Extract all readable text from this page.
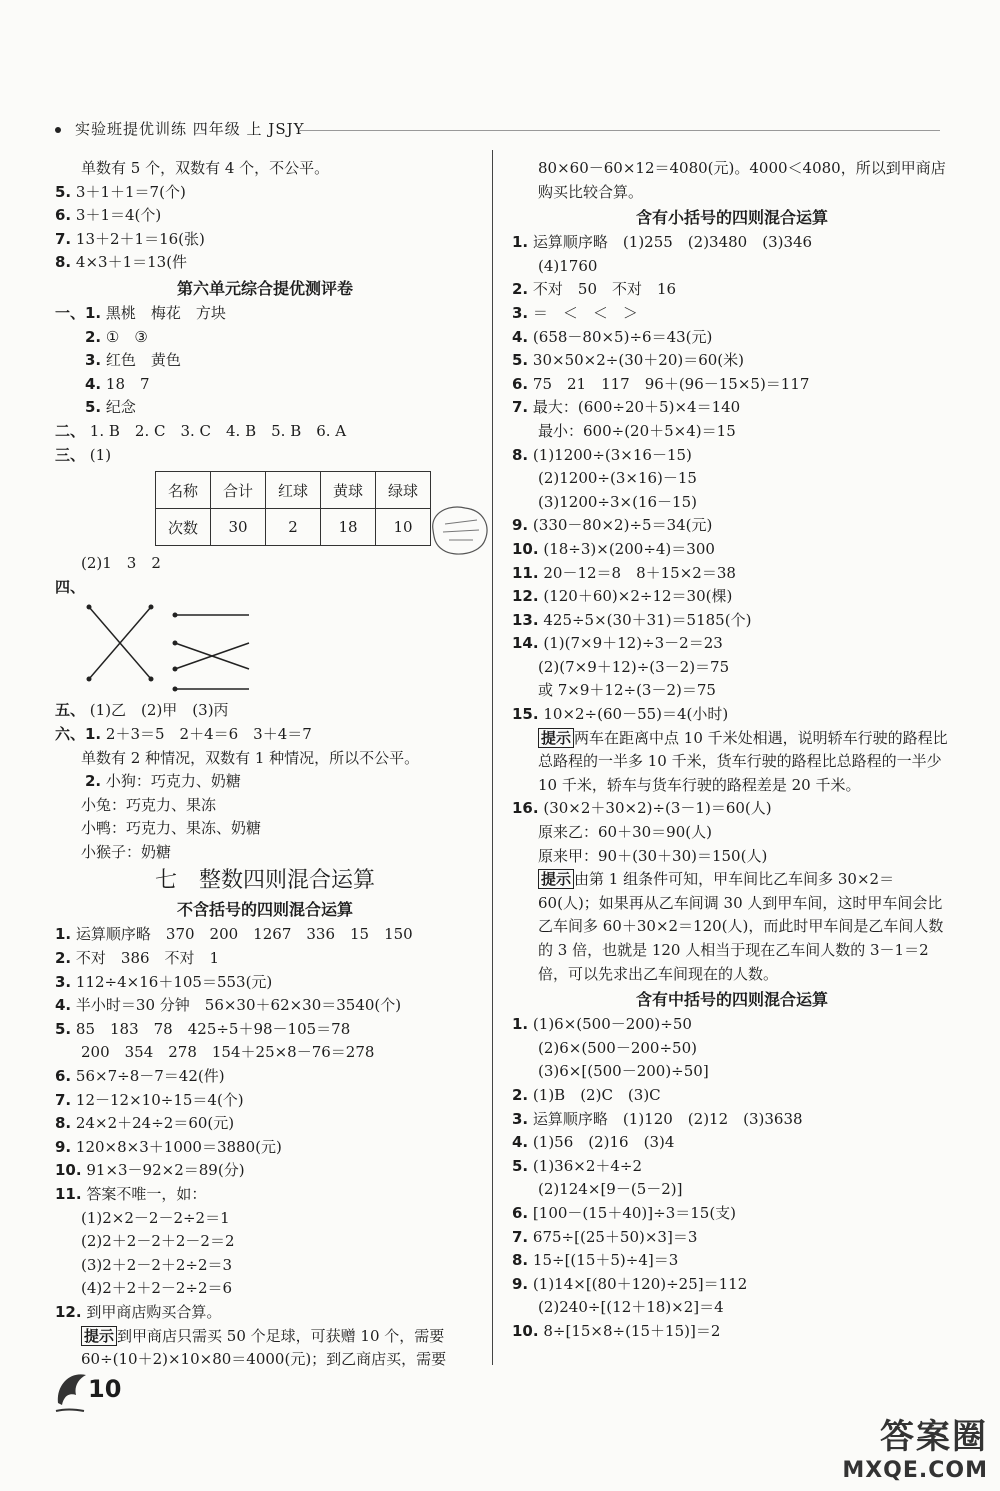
实验班提优训练 四年级 上 JSJY
单数有 5 个，双数有 4 个，不公平。
5. 3＋1＋1＝7(个)
6. 3＋1＝4(个)
7. 13＋2＋1＝16(张)
8. 4×3＋1＝13(件
第六单元综合提优测评卷
一、1. 黑桃　梅花　方块
2. ①　③
3. 红色　黄色
4. 18　7
5. 纪念
二、 1. B　2. C　3. C　4. B　5. B　6. A
三、 (1)
名称	合计	红球	黄球	绿球
次数	30	2	18	10
(2)1　3　2
四、
五、 (1)乙　(2)甲　(3)丙
六、1. 2＋3＝5　2＋4＝6　3＋4＝7
单数有 2 种情况，双数有 1 种情况，所以不公平。
2. 小狗：巧克力、奶糖
小兔：巧克力、果冻
小鸭：巧克力、果冻、奶糖
小猴子：奶糖
七　整数四则混合运算
不含括号的四则混合运算
1. 运算顺序略　370　200　1267　336　15　150
2. 不对　386　不对　1
3. 112÷4×16＋105＝553(元)
4. 半小时＝30 分钟　56×30＋62×30＝3540(个)
5. 85　183　78　425÷5＋98－105＝78
200　354　278　154＋25×8－76＝278
6. 56×7÷8－7＝42(件)
7. 12－12×10÷15＝4(个)
8. 24×2＋24÷2＝60(元)
9. 120×8×3＋1000＝3880(元)
10. 91×3－92×2＝89(分)
11. 答案不唯一，如：
(1)2×2－2－2÷2＝1
(2)2＋2－2＋2－2＝2
(3)2＋2－2＋2÷2＝3
(4)2＋2＋2－2÷2＝6
12. 到甲商店购买合算。
提示 到甲商店只需买 50 个足球，可获赠 10 个，需要 60÷(10＋2)×10×80＝4000(元)；到乙商店买，需要
80×60－60×12＝4080(元)。4000＜4080，所以到甲商店购买比较合算。
含有小括号的四则混合运算
1. 运算顺序略　(1)255　(2)3480　(3)346
(4)1760
2. 不对　50　不对　16
3. ＝　＜　＜　＞
4. (658－80×5)÷6＝43(元)
5. 30×50×2÷(30＋20)＝60(米)
6. 75　21　117　96＋(96－15×5)＝117
7. 最大：(600÷20＋5)×4＝140
最小：600÷(20＋5×4)＝15
8. (1)1200÷(3×16－15)
(2)1200÷(3×16)－15
(3)1200÷3×(16－15)
9. (330－80×2)÷5＝34(元)
10. (18÷3)×(200÷4)＝300
11. 20－12＝8　8＋15×2＝38
12. (120＋60)×2÷12＝30(棵)
13. 425÷5×(30＋31)＝5185(个)
14. (1)(7×9＋12)÷3－2＝23
(2)(7×9＋12)÷(3－2)＝75
或 7×9＋12÷(3－2)＝75
15. 10×2÷(60－55)＝4(小时)
提示 两车在距离中点 10 千米处相遇，说明轿车行驶的路程比总路程的一半多 10 千米，货车行驶的路程比总路程的一半少 10 千米，轿车与货车行驶的路程差是 20 千米。
16. (30×2＋30×2)÷(3－1)＝60(人)
原来乙：60＋30＝90(人)
原来甲：90＋(30＋30)＝150(人)
提示 由第 1 组条件可知，甲车间比乙车间多 30×2＝60(人)；如果再从乙车间调 30 人到甲车间，这时甲车间会比乙车间多 60＋30×2＝120(人)，而此时甲车间是乙车间人数的 3 倍，也就是 120 人相当于现在乙车间人数的 3－1＝2 倍，可以先求出乙车间现在的人数。
含有中括号的四则混合运算
1. (1)6×(500－200)÷50
(2)6×(500－200÷50)
(3)6×[(500－200)÷50]
2. (1)B　(2)C　(3)C
3. 运算顺序略　(1)120　(2)12　(3)3638
4. (1)56　(2)16　(3)4
5. (1)36×2＋4÷2
(2)124×[9－(5－2)]
6. [100－(15＋40)]÷3＝15(支)
7. 675÷[(25＋50)×3]＝3
8. 15÷[(15＋5)÷4]＝3
9. (1)14×[(80＋120)÷25]＝112
(2)240÷[(12＋18)×2]＝4
10. 8÷[15×8÷(15＋15)]＝2
10
答案圈
MXQE.COM
